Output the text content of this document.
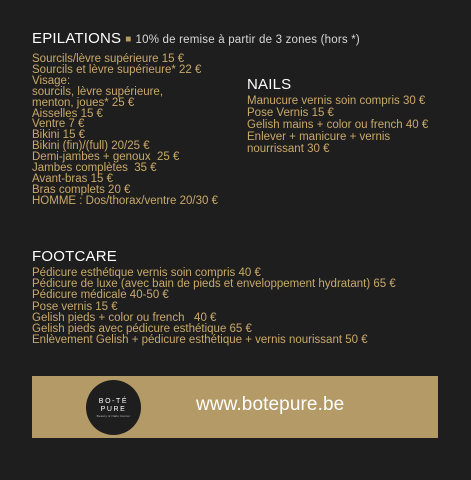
EPILATIONS ■ 10% de remise à partir de 3 zones (hors *)
Sourcils/lèvre supérieure 15 €
Sourcils et lèvre supérieure* 22 €
Visage:
sourcils, lèvre supérieure,
menton, joues* 25 €
Aisselles 15 €
Ventre 7 €
Bikini 15 €
Bikini (fin)/(full) 20/25 €
Demi-jambes + genoux  25 €
Jambes complètes  35 €
Avant-bras 15 €
Bras complets 20 €
HOMME : Dos/thorax/ventre 20/30 €
NAILS
Manucure vernis soin compris 30 €
Pose Vernis 15 €
Gelish mains + color ou french 40 €
Enlever + manicure + vernis
nourrissant 30 €
FOOTCARE
Pédicure esthétique vernis soin compris 40 €
Pédicure de luxe (avec bain de pieds et enveloppement hydratant) 65 €
Pédicure médicale 40-50 €
Pose vernis 15 €
Gelish pieds + color ou french   40 €
Gelish pieds avec pédicure esthétique 65 €
Enlèvement Gelish + pédicure esthétique + vernis nourissant 50 €
BO-TÉ
PURE
Beauty & Nails Center
www.botepure.be
